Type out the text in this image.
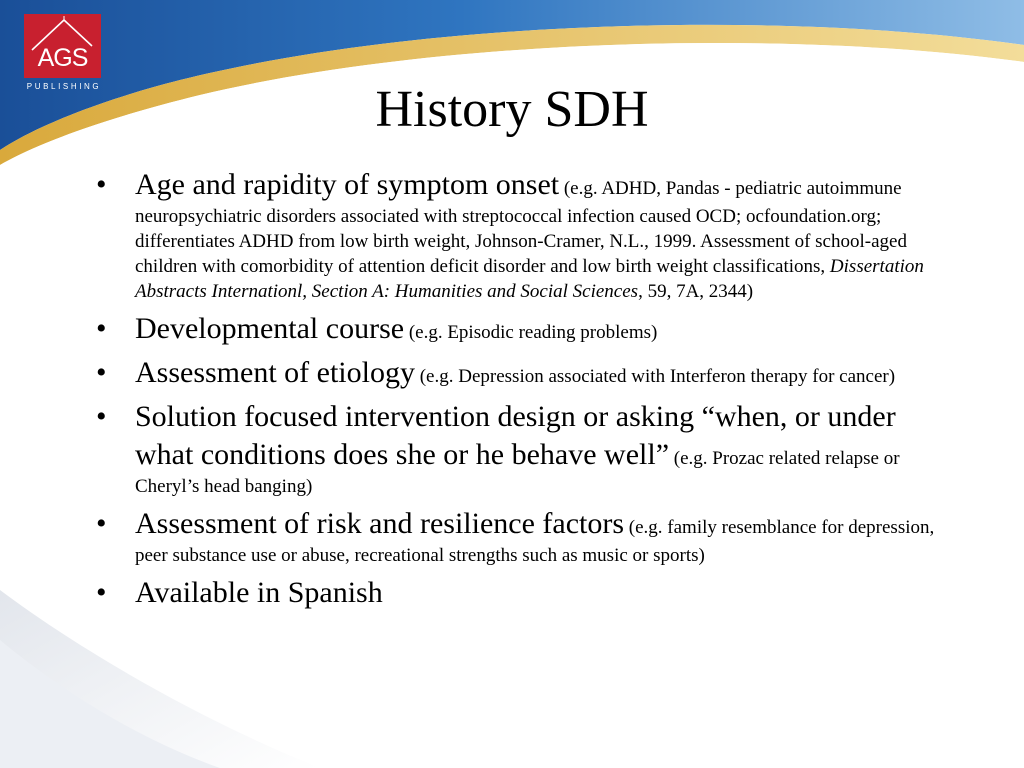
AGS
PUBLISHING	History SDH
• Age and rapidity of symptom onset (e.g. ADHD, Pandas - pediatric autoimmune neuropsychiatric disorders associated with streptococcal infection caused OCD; ocfoundation.org; differentiates ADHD from low birth weight, Johnson-Cramer, N.L., 1999. Assessment of school-aged children with comorbidity of attention deficit disorder and low birth weight classifications, Dissertation Abstracts Internationl, Section A: Humanities and Social Sciences, 59, 7A, 2344)
• Developmental course (e.g. Episodic reading problems)
• Assessment of etiology (e.g. Depression associated with Interferon therapy for cancer)
• Solution focused intervention design or asking “when, or under what conditions does she or he behave well” (e.g. Prozac related relapse or Cheryl’s head banging)
• Assessment of risk and resilience factors (e.g. family resemblance for depression, peer substance use or abuse, recreational strengths such as music or sports)
• Available in Spanish
